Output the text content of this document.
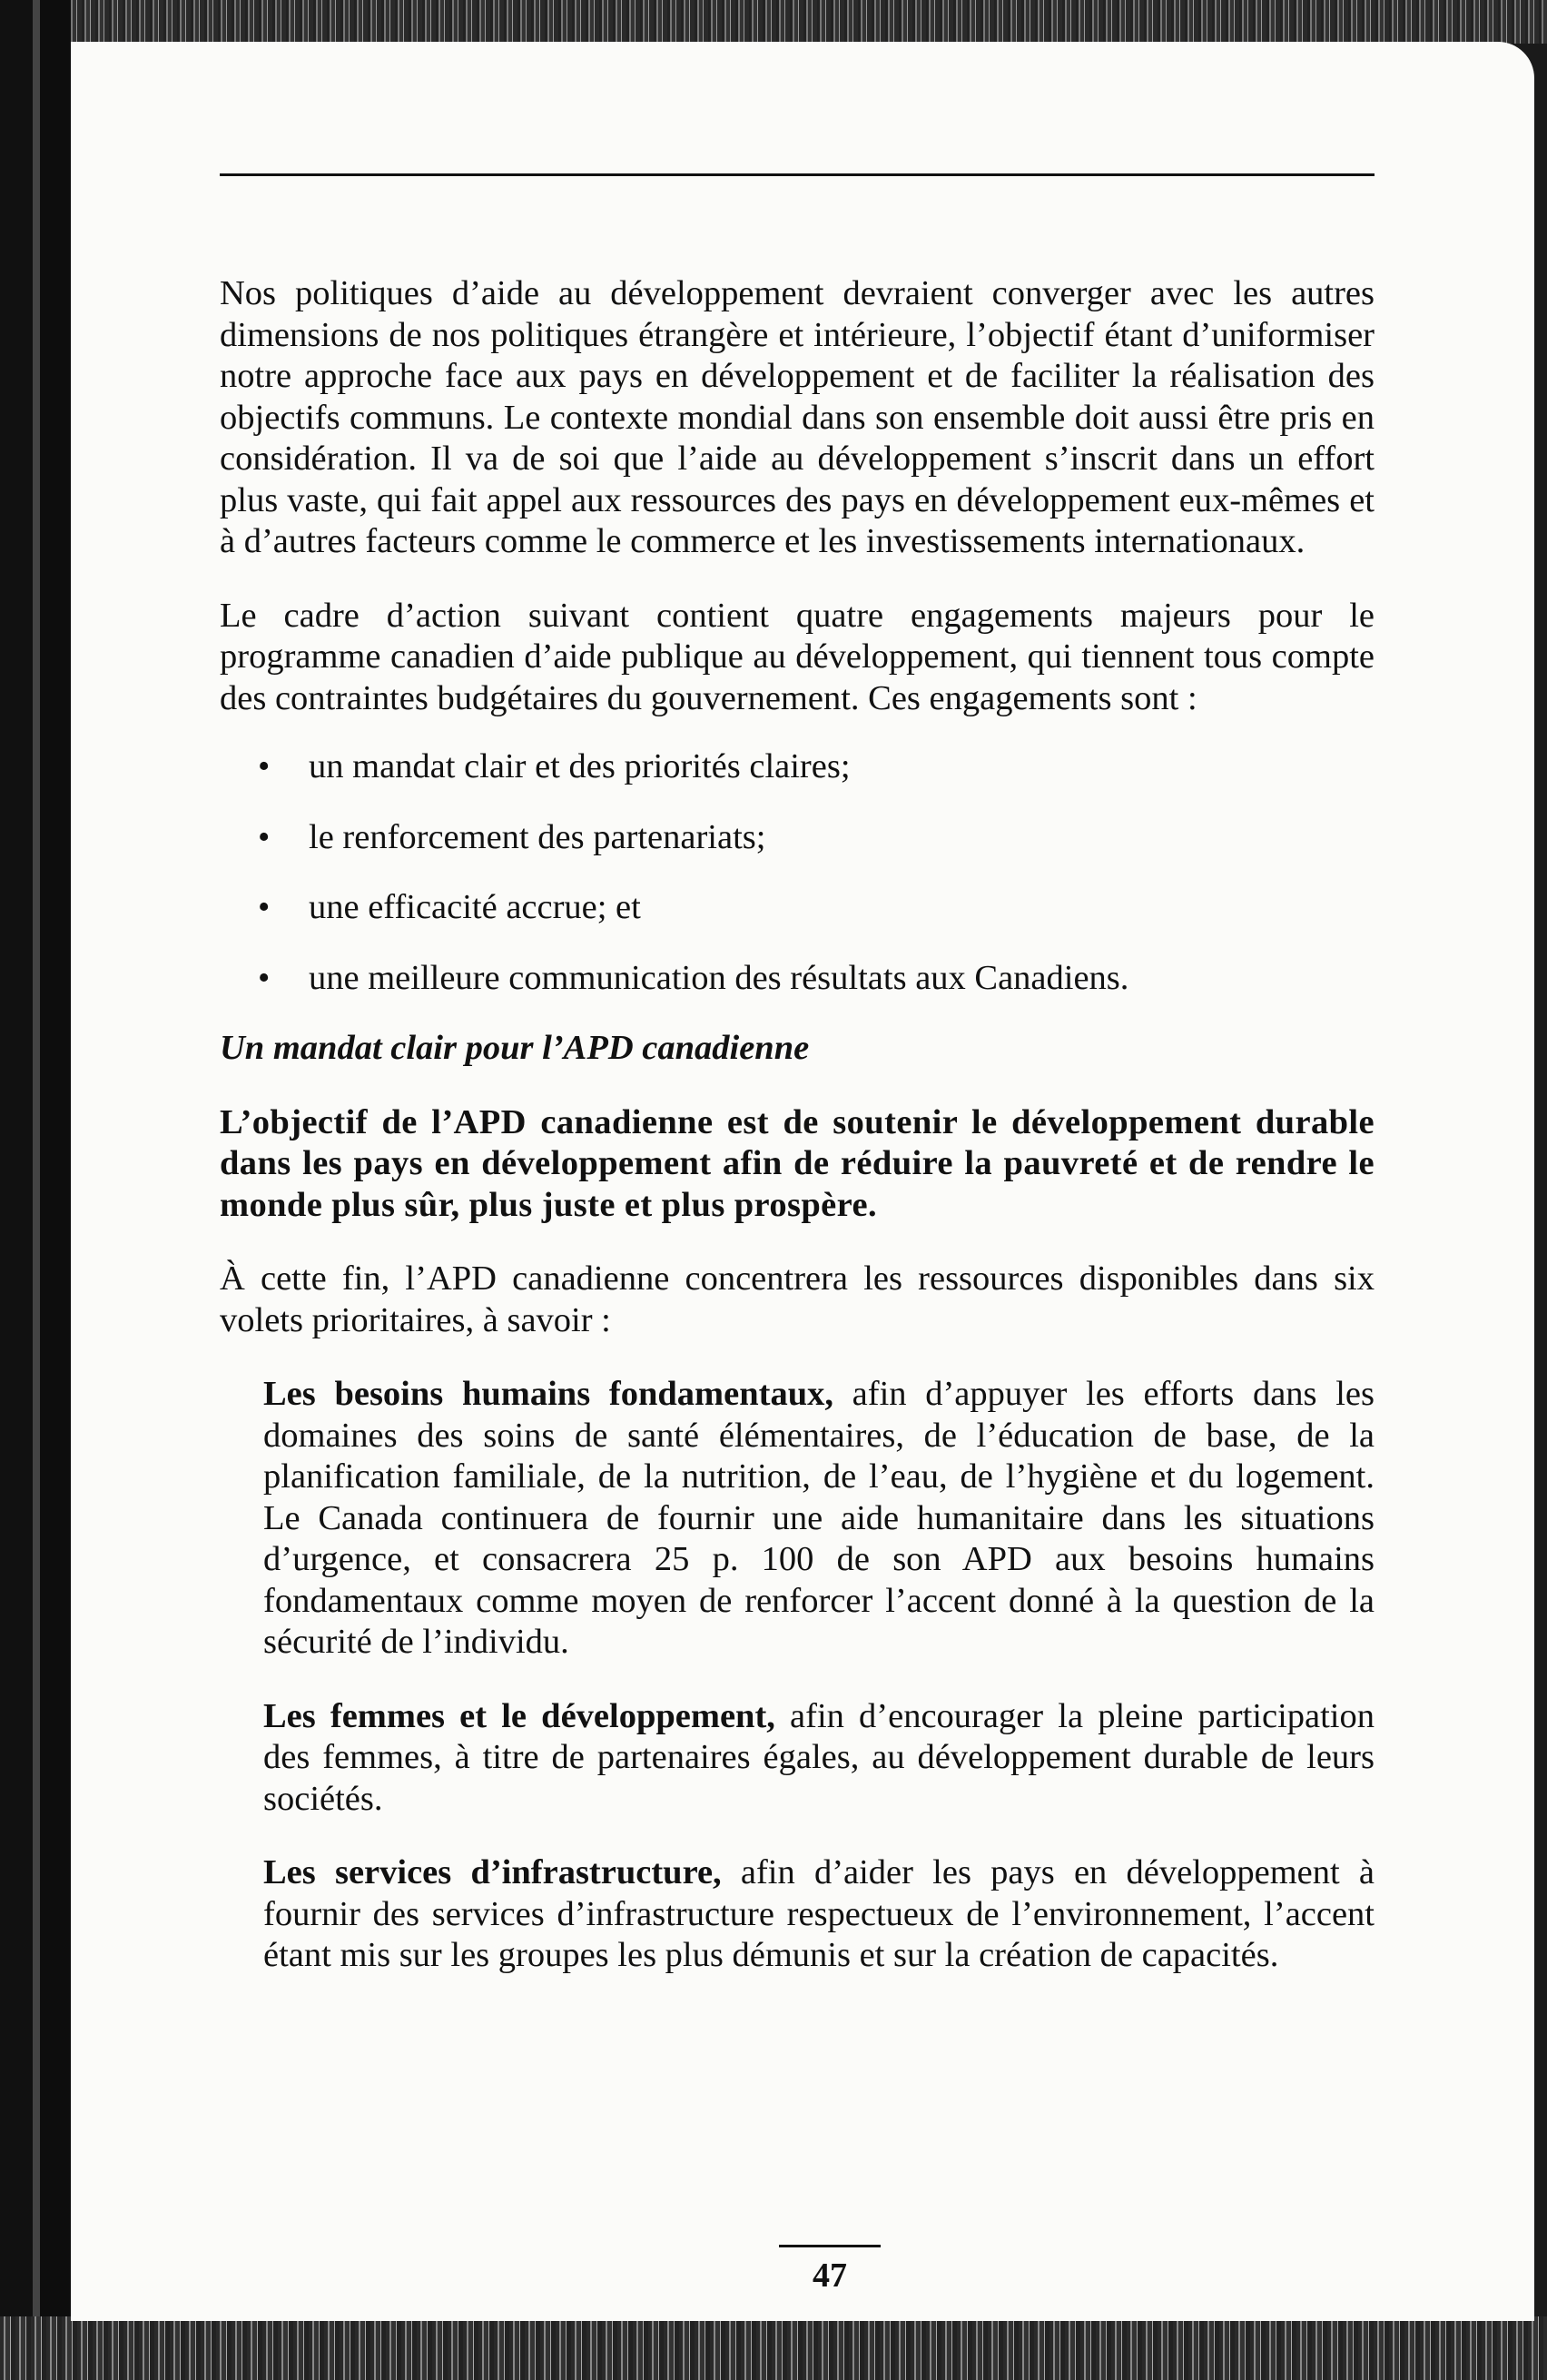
Nos politiques d’aide au développement devraient converger avec les autres dimensions de nos politiques étrangère et intérieure, l’objectif étant d’uniformiser notre approche face aux pays en développement et de faciliter la réalisation des objectifs communs. Le contexte mondial dans son ensemble doit aussi être pris en considération. Il va de soi que l’aide au développement s’inscrit dans un effort plus vaste, qui fait appel aux ressources des pays en développement eux-mêmes et à d’autres facteurs comme le commerce et les investissements internationaux.

Le cadre d’action suivant contient quatre engagements majeurs pour le programme canadien d’aide publique au développement, qui tiennent tous compte des contraintes budgétaires du gouvernement. Ces engagements sont :

• un mandat clair et des priorités claires;
• le renforcement des partenariats;
• une efficacité accrue; et
• une meilleure communication des résultats aux Canadiens.

Un mandat clair pour l’APD canadienne

L’objectif de l’APD canadienne est de soutenir le développement durable dans les pays en développement afin de réduire la pauvreté et de rendre le monde plus sûr, plus juste et plus prospère.

À cette fin, l’APD canadienne concentrera les ressources disponibles dans six volets prioritaires, à savoir :

Les besoins humains fondamentaux, afin d’appuyer les efforts dans les domaines des soins de santé élémentaires, de l’éducation de base, de la planification familiale, de la nutrition, de l’eau, de l’hygiène et du logement. Le Canada continuera de fournir une aide humanitaire dans les situations d’urgence, et consacrera 25 p. 100 de son APD aux besoins humains fondamentaux comme moyen de renforcer l’accent donné à la question de la sécurité de l’individu.

Les femmes et le développement, afin d’encourager la pleine participation des femmes, à titre de partenaires égales, au développement durable de leurs sociétés.

Les services d’infrastructure, afin d’aider les pays en développement à fournir des services d’infrastructure respectueux de l’environnement, l’accent étant mis sur les groupes les plus démunis et sur la création de capacités.

47
